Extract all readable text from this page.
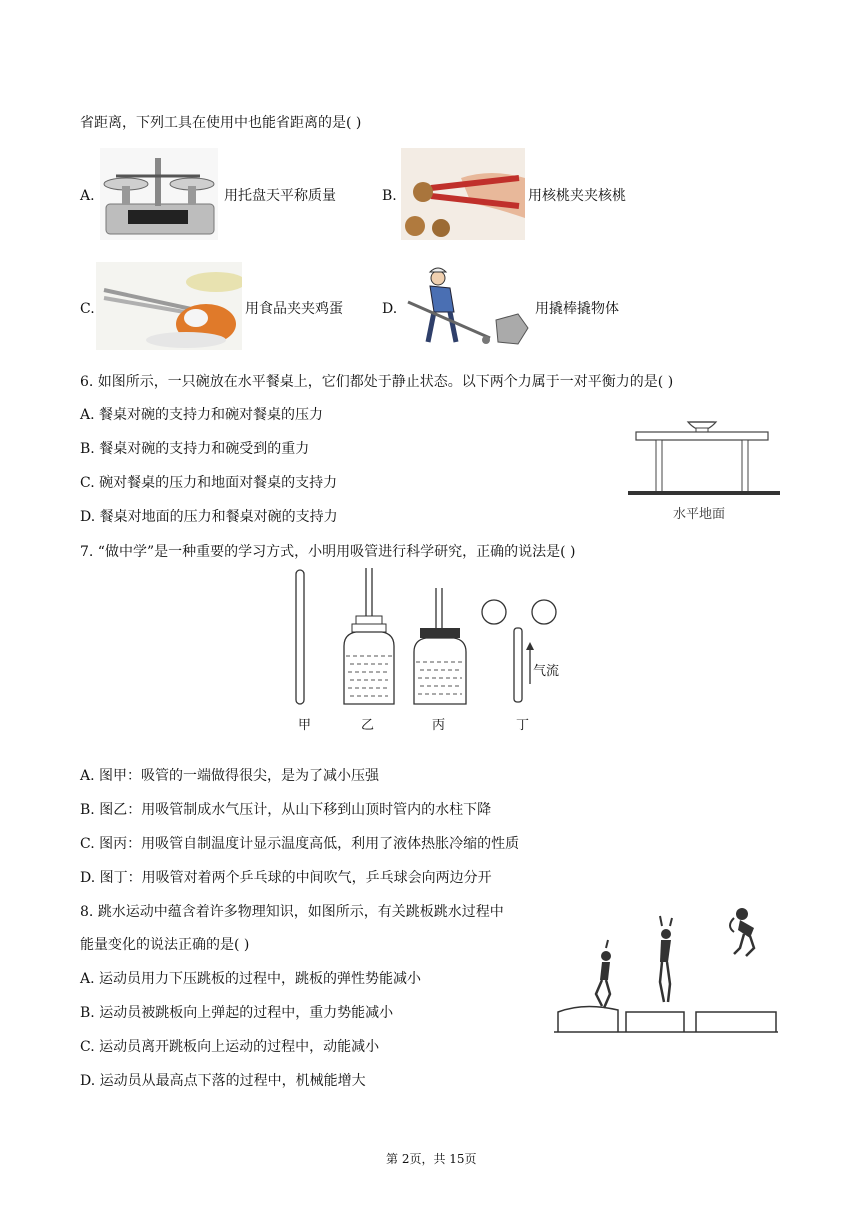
省距离，下列工具在使用中也能省距离的是( )
A.	用托盘天平称质量	B.	用核桃夹夹核桃
C.	用食品夹夹鸡蛋	D.	用撬棒撬物体
6. 如图所示，一只碗放在水平餐桌上，它们都处于静止状态。以下两个力属于一对平衡力的是( )
A. 餐桌对碗的支持力和碗对餐桌的压力
B. 餐桌对碗的支持力和碗受到的重力
C. 碗对餐桌的压力和地面对餐桌的支持力
D. 餐桌对地面的压力和餐桌对碗的支持力	水平地面
7. “做中学”是一种重要的学习方式，小明用吸管进行科学研究，正确的说法是( )
气流
甲	乙	丙	丁
A. 图甲：吸管的一端做得很尖，是为了减小压强
B. 图乙：用吸管制成水气压计，从山下移到山顶时管内的水柱下降
C. 图丙：用吸管自制温度计显示温度高低，利用了液体热胀冷缩的性质
D. 图丁：用吸管对着两个乒乓球的中间吹气，乒乓球会向两边分开
8. 跳水运动中蕴含着许多物理知识，如图所示，有关跳板跳水过程中
能量变化的说法正确的是( )
A. 运动员用力下压跳板的过程中，跳板的弹性势能减小
B. 运动员被跳板向上弹起的过程中，重力势能减小
C. 运动员离开跳板向上运动的过程中，动能减小
D. 运动员从最高点下落的过程中，机械能增大
第 2页，共 15页
